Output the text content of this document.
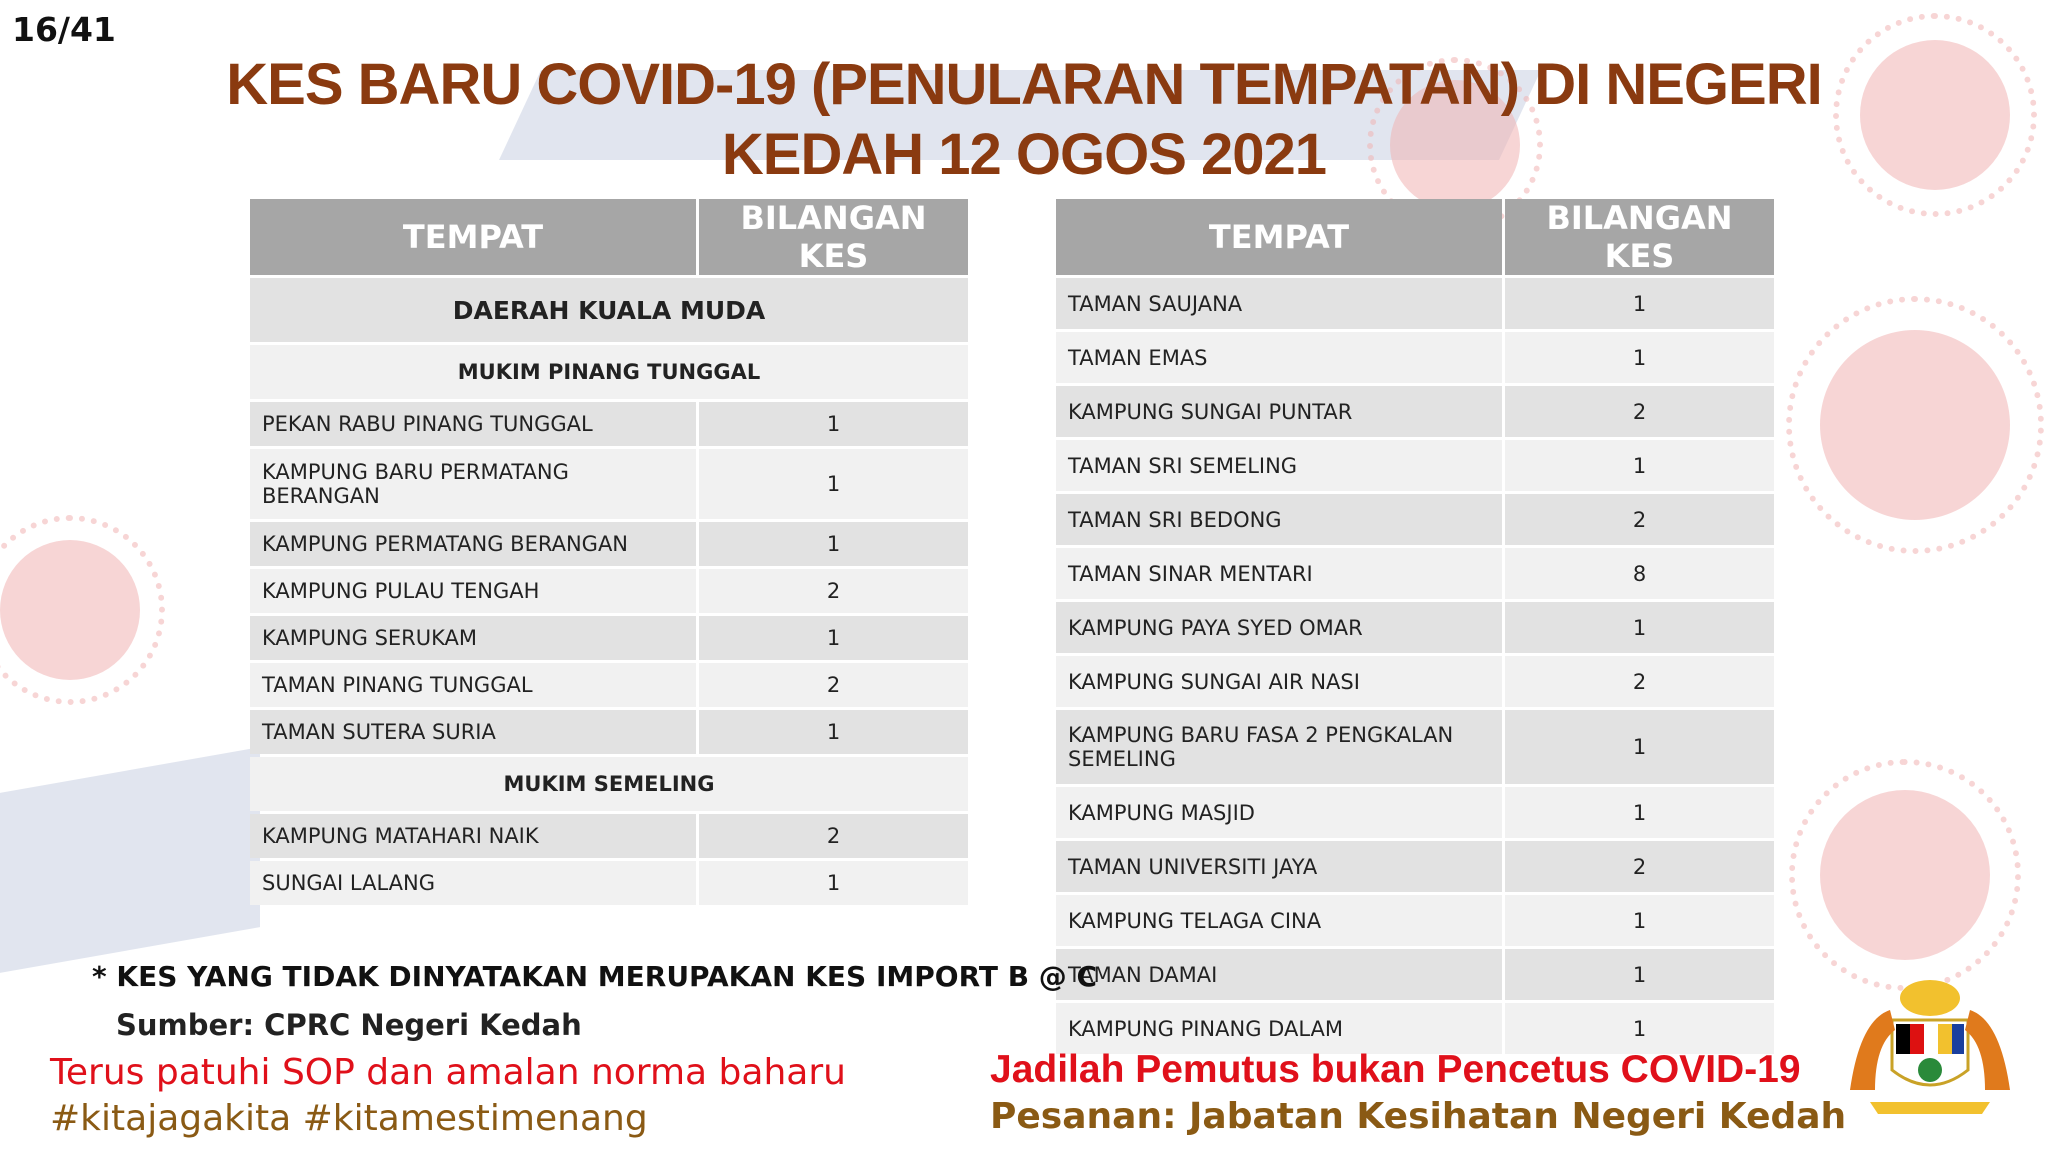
16/41
KES BARU COVID-19 (PENULARAN TEMPATAN) DI NEGERI
KEDAH 12 OGOS 2021
TEMPAT	BILANGAN KES
DAERAH KUALA MUDA	
MUKIM PINANG TUNGGAL	
PEKAN RABU PINANG TUNGGAL	1
KAMPUNG BARU PERMATANG BERANGAN	1
KAMPUNG PERMATANG BERANGAN	1
KAMPUNG PULAU TENGAH	2
KAMPUNG SERUKAM	1
TAMAN PINANG TUNGGAL	2
TAMAN SUTERA SURIA	1
MUKIM SEMELING	
KAMPUNG MATAHARI NAIK	2
SUNGAI LALANG	1
TEMPAT	BILANGAN KES
TAMAN SAUJANA	1
TAMAN EMAS	1
KAMPUNG SUNGAI PUNTAR	2
TAMAN SRI SEMELING	1
TAMAN SRI BEDONG	2
TAMAN SINAR MENTARI	8
KAMPUNG PAYA SYED OMAR	1
KAMPUNG SUNGAI AIR NASI	2
KAMPUNG BARU FASA 2 PENGKALAN SEMELING	1
KAMPUNG MASJID	1
TAMAN UNIVERSITI JAYA	2
KAMPUNG TELAGA CINA	1
TAMAN DAMAI	1
KAMPUNG PINANG DALAM	1
* KES YANG TIDAK DINYATAKAN MERUPAKAN KES IMPORT B @ C
Sumber: CPRC Negeri Kedah
Terus patuhi SOP dan amalan norma baharu
#kitajagakita #kitamestimenang
Jadilah Pemutus bukan Pencetus COVID-19
Pesanan: Jabatan Kesihatan Negeri Kedah
